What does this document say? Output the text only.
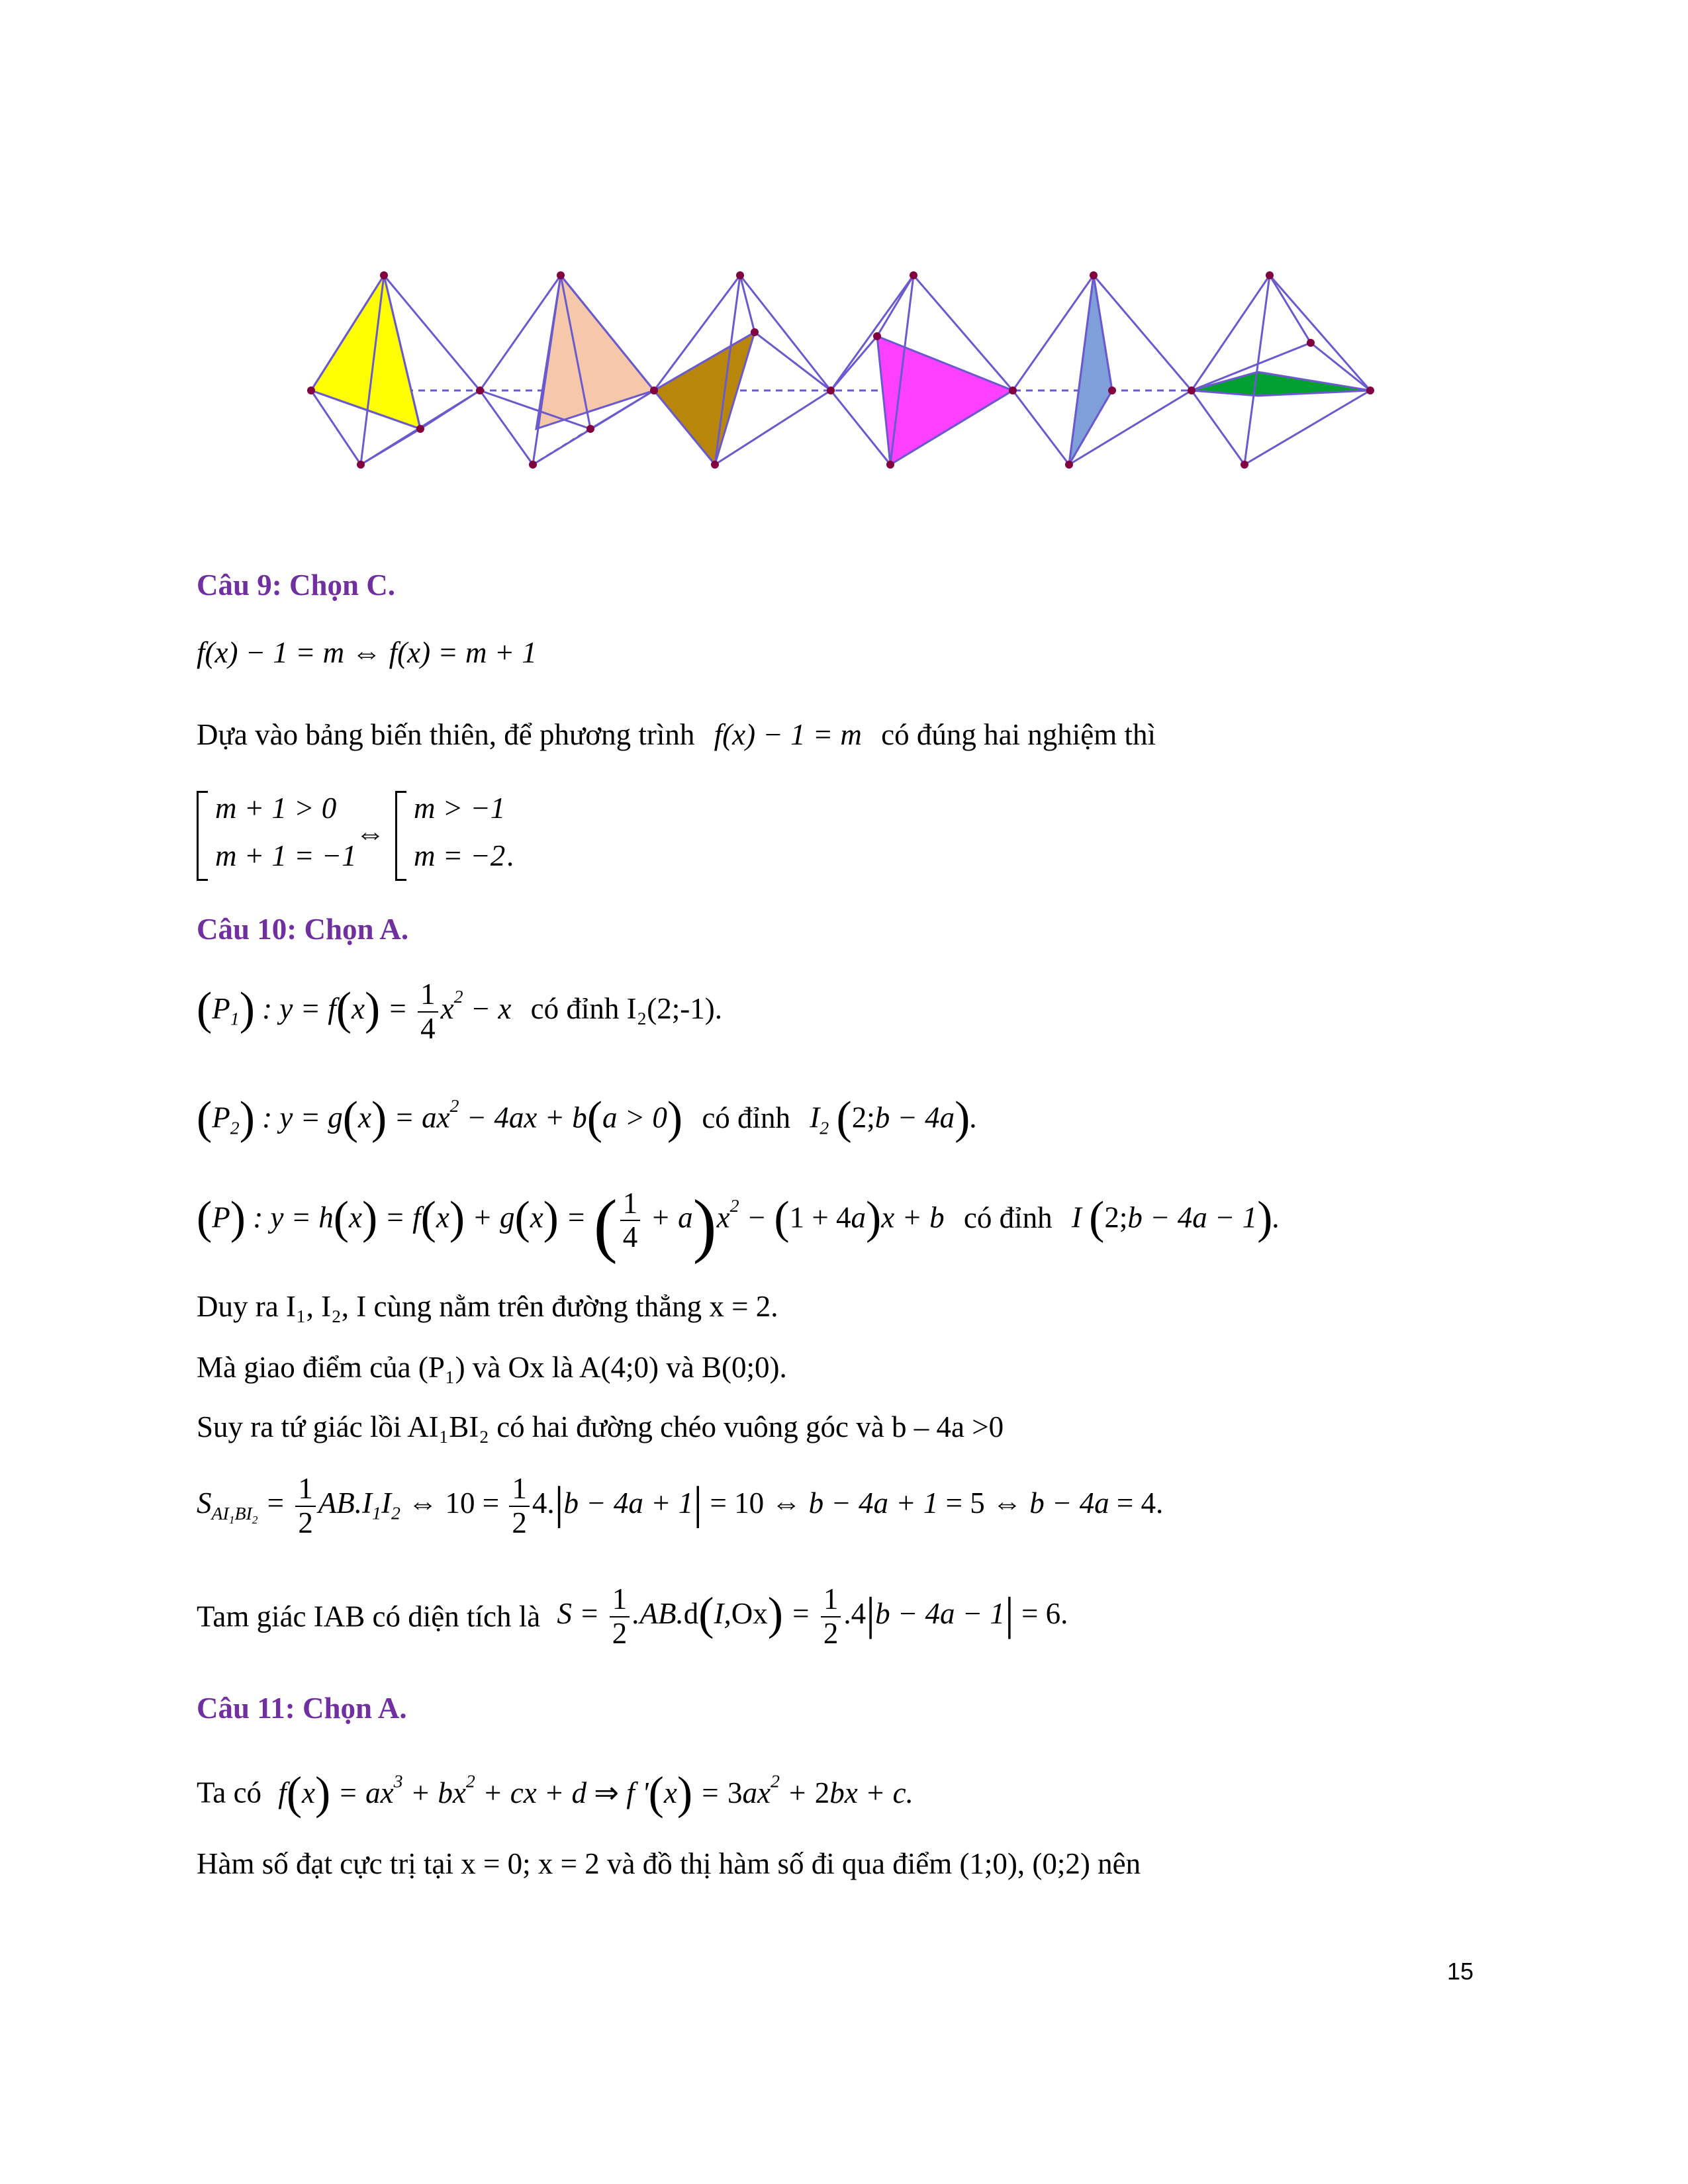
Câu 9: Chọn C.
f(x) − 1 = m ⇔ f(x) = m + 1
Dựa vào bảng biến thiên, để phương trình f(x) − 1 = m có đúng hai nghiệm thì
m + 1 > 0
m + 1 = −1
⇔
m > −1
m = −2 .
Câu 10: Chọn A.
$(P_1)$ : $y = f(x) = \frac{1}{4} x^2 - x$ có đỉnh I₂(2;-1).
$(P_2)$ : $y = g(x) = ax^2 - 4ax + b(a > 0)$ có đỉnh $I_2$ (2;b − 4a).
(P) : y = h(x) = f(x) + g(x) = ( $\frac{1}{4} + a)x^2 - (1 + 4a)x + b$ có đỉnh I (2;b − 4a − 1).
Duy ra I₁, I₂, I cùng nằm trên đường thẳng x = 2.
Mà giao điểm của (P₁) và Ox là A(4;0) và B(0;0).
Suy ra tứ giác lồi AI₁BI₂ có hai đường chéo vuông góc và b – 4a >0
$S_{AI_1BI_2} = \frac{1}{2} AB.I_1I_2$ ⇔ $10 = \frac{1}{2} 4.|b - 4a + 1| = 10$ ⇔ b − 4a + 1 = 5 ⇔ b − 4a = 4.
Tam giác IAB có diện tích là $S = \frac{1}{2} .AB.d(I,Ox) = \frac{1}{2} .4|b - 4a - 1| = 6$.
Câu 11: Chọn A.
Ta có $f(x) = ax^3 + bx^2$ + cx + d ⇒ f '$(x) = 3ax^2 + 2bx + c$.
Hàm số đạt cực trị tại x = 0; x = 2 và đồ thị hàm số đi qua điểm (1;0), (0;2) nên
15
